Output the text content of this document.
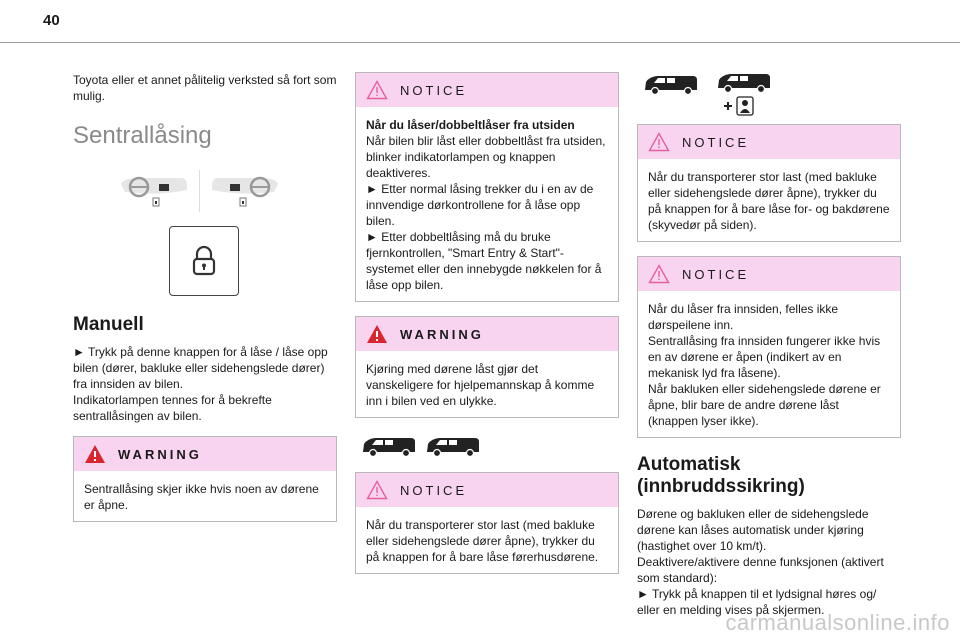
40

Toyota eller et annet pålitelig verksted så fort som mulig.

Sentrallåsing
Manuell

► Trykk på denne knappen for å låse / låse opp bilen (dører, bakluke eller sidehengslede dører) fra innsiden av bilen.

Indikatorlampen tennes for å bekrefte sentrallåsingen av bilen.

WARNING

Sentrallåsing skjer ikke hvis noen av dørene er åpne.

NOTICE

Når du låser/dobbeltlåser fra utsiden

Når bilen blir låst eller dobbeltlåst fra utsiden, blinker indikatorlampen og knappen deaktiveres.

► Etter normal låsing trekker du i en av de innvendige dørkontrollene for å låse opp bilen.

► Etter dobbeltlåsing må du bruke fjernkontrollen, "Smart Entry & Start"-systemet eller den innebygde nøkkelen for å låse opp bilen.

WARNING

Kjøring med dørene låst gjør det vanskeligere for hjelpemannskap å komme inn i bilen ved en ulykke.

NOTICE

Når du transporterer stor last (med bakluke eller sidehengslede dører åpne), trykker du på knappen for å bare låse førerhusdørene.

NOTICE

Når du transporterer stor last (med bakluke eller sidehengslede dører åpne), trykker du på knappen for å bare låse for- og bakdørene (skyvedør på siden).

NOTICE

Når du låser fra innsiden, felles ikke dørspeilene inn.

Sentrallåsing fra innsiden fungerer ikke hvis en av dørene er åpen (indikert av en mekanisk lyd fra låsene).

Når bakluken eller sidehengslede dørene er åpne, blir bare de andre dørene låst (knappen lyser ikke).

Automatisk
(innbruddssikring)

Dørene og bakluken eller de sidehengslede dørene kan låses automatisk under kjøring (hastighet over 10 km/t).

Deaktivere/aktivere denne funksjonen (aktivert som standard):

► Trykk på knappen til et lydsignal høres og/ eller en melding vises på skjermen.

carmanualsonline.info
